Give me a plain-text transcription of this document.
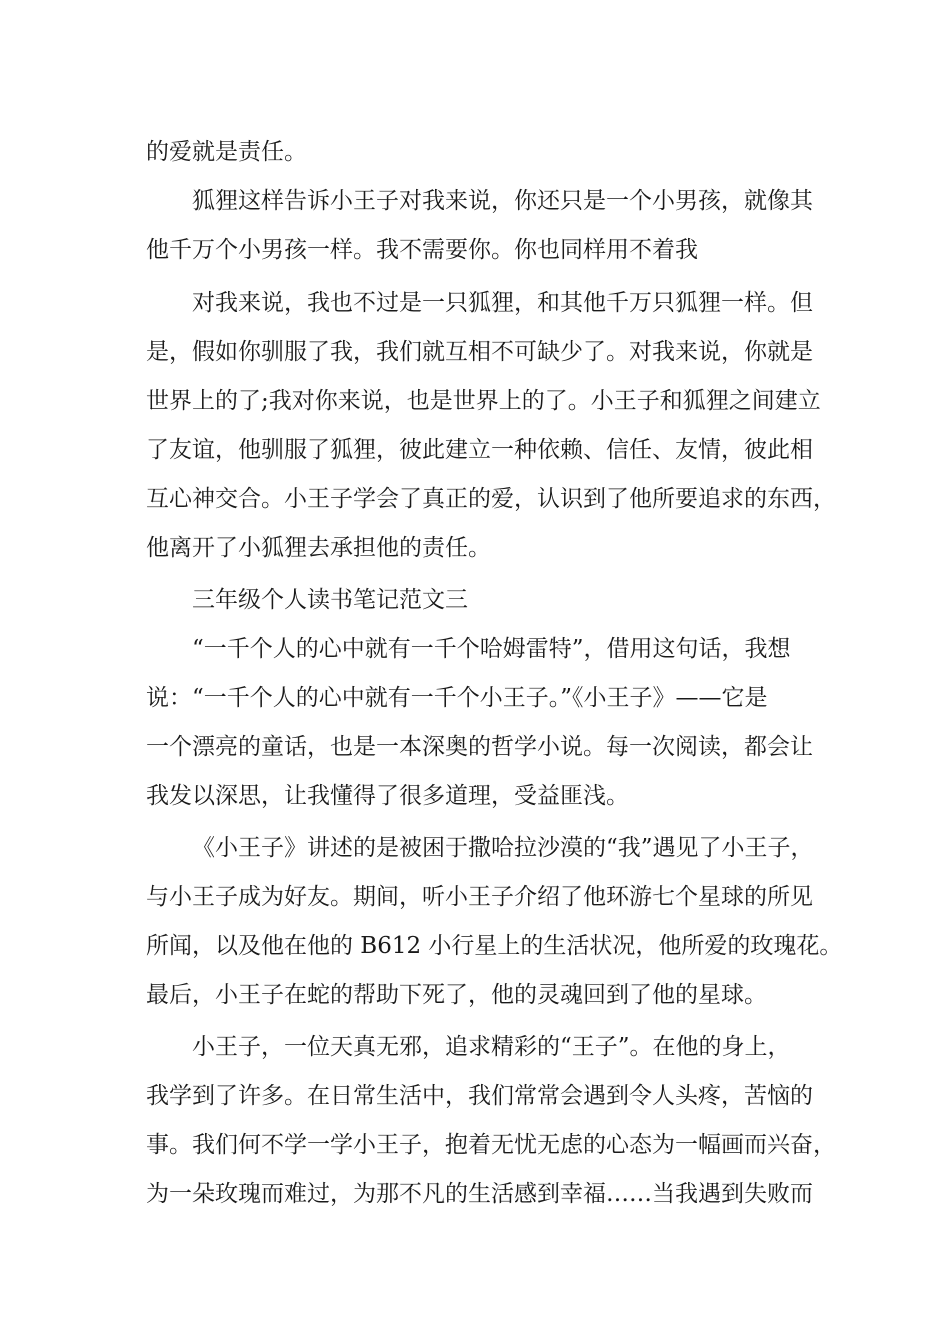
的爱就是责任。
狐狸这样告诉小王子对我来说，你还只是一个小男孩，就像其
他千万个小男孩一样。我不需要你。你也同样用不着我
对我来说，我也不过是一只狐狸，和其他千万只狐狸一样。但
是，假如你驯服了我，我们就互相不可缺少了。对我来说，你就是
世界上的了;我对你来说，也是世界上的了。小王子和狐狸之间建立
了友谊，他驯服了狐狸，彼此建立一种依赖、信任、友情，彼此相
互心神交合。小王子学会了真正的爱，认识到了他所要追求的东西，
他离开了小狐狸去承担他的责任。
三年级个人读书笔记范文三
“一千个人的心中就有一千个哈姆雷特”，借用这句话，我想
说：“一千个人的心中就有一千个小王子。”《小王子》——它是
一个漂亮的童话，也是一本深奥的哲学小说。每一次阅读，都会让
我发以深思，让我懂得了很多道理，受益匪浅。
《小王子》讲述的是被困于撒哈拉沙漠的“我”遇见了小王子，
与小王子成为好友。期间，听小王子介绍了他环游七个星球的所见
所闻，以及他在他的 B612 小行星上的生活状况，他所爱的玫瑰花。
最后，小王子在蛇的帮助下死了，他的灵魂回到了他的星球。
小王子，一位天真无邪，追求精彩的“王子”。在他的身上，
我学到了许多。在日常生活中，我们常常会遇到令人头疼，苦恼的
事。我们何不学一学小王子，抱着无忧无虑的心态为一幅画而兴奋，
为一朵玫瑰而难过，为那不凡的生活感到幸福……当我遇到失败而
